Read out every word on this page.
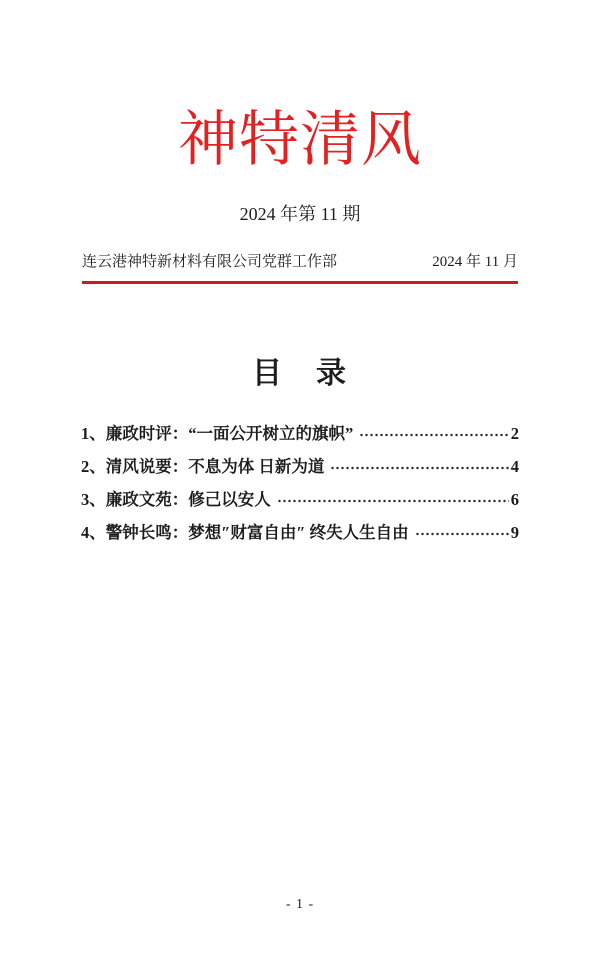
神特清风
2024 年第 11 期
连云港神特新材料有限公司党群工作部	2024 年 11 月
目　录
1、廉政时评：“一面公开树立的旗帜”	2
2、清风说要：不息为体 日新为道	4
3、廉政文苑：修己以安人	6
4、警钟长鸣：梦想″财富自由″ 终失人生自由	9
- 1 -
